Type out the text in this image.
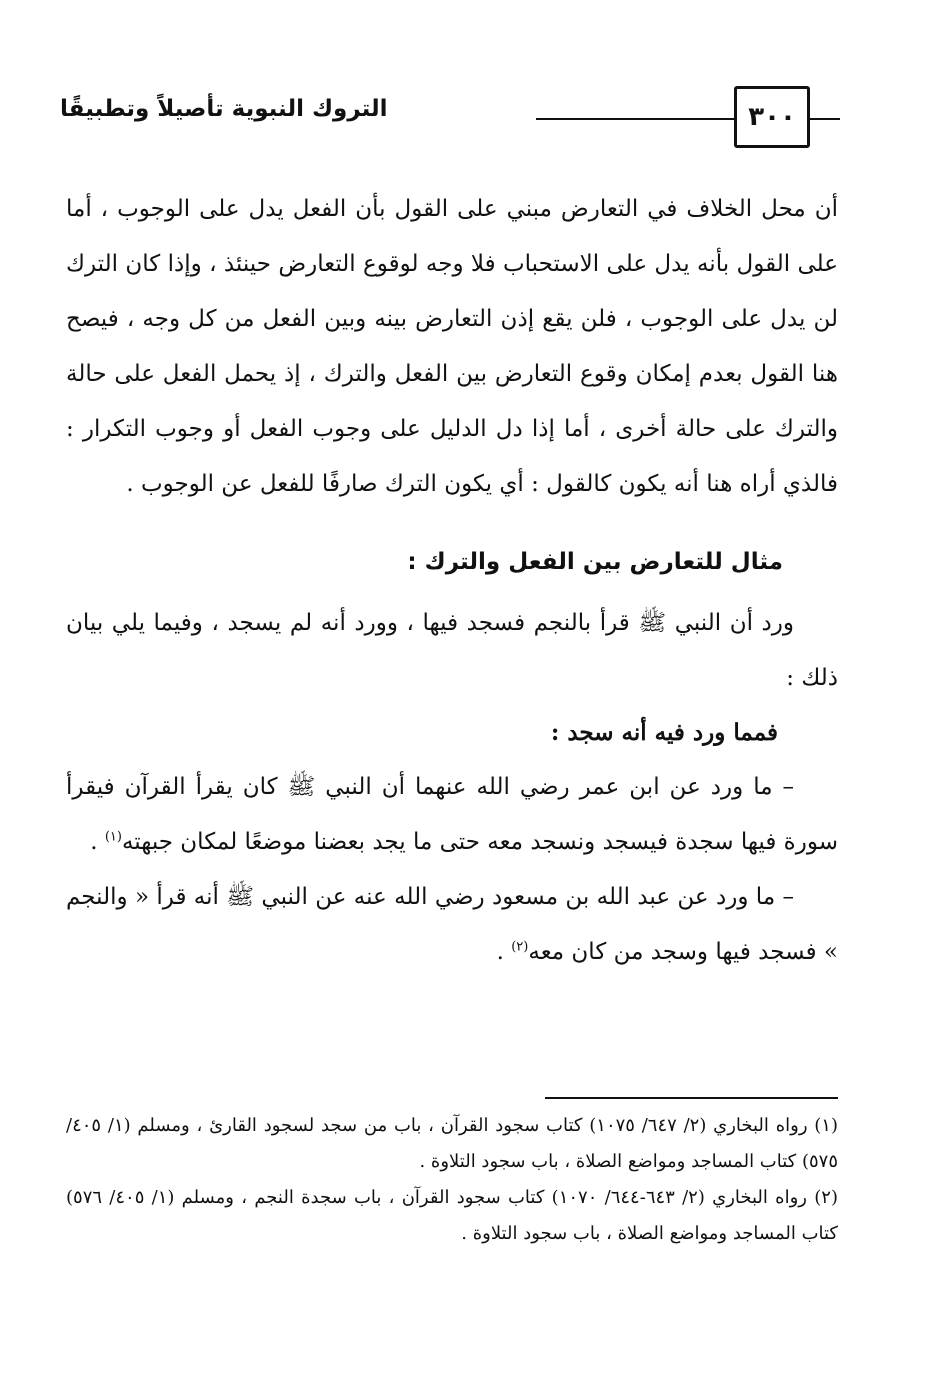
٣٠٠
التروك النبوية تأصيلاً وتطبيقًا

أن محل الخلاف في التعارض مبني على القول بأن الفعل يدل على الوجوب ، أما على القول بأنه يدل على الاستحباب فلا وجه لوقوع التعارض حينئذ ، وإذا كان الترك لن يدل على الوجوب ، فلن يقع إذن التعارض بينه وبين الفعل من كل وجه ، فيصح هنا القول بعدم إمكان وقوع التعارض بين الفعل والترك ، إذ يحمل الفعل على حالة والترك على حالة أخرى ، أما إذا دل الدليل على وجوب الفعل أو وجوب التكرار : فالذي أراه هنا أنه يكون كالقول : أي يكون الترك صارفًا للفعل عن الوجوب .

مثال للتعارض بين الفعل والترك :

ورد أن النبي ﷺ قرأ بالنجم فسجد فيها ، وورد أنه لم يسجد ، وفيما يلي بيان ذلك :

فمما ورد فيه أنه سجد :

– ما ورد عن ابن عمر رضي الله عنهما أن النبي ﷺ كان يقرأ القرآن فيقرأ سورة فيها سجدة فيسجد ونسجد معه حتى ما يجد بعضنا موضعًا لمكان جبهته$^{(١)}$ .

– ما ورد عن عبد الله بن مسعود رضي الله عنه عن النبي ﷺ أنه قرأ « والنجم » فسجد فيها وسجد من كان معه$^{(٢)}$ .

(١) رواه البخاري (٢/ ٦٤٧/ ١٠٧٥) كتاب سجود القرآن ، باب من سجد لسجود القارئ ، ومسلم (١/ ٤٠٥/ ٥٧٥) كتاب المساجد ومواضع الصلاة ، باب سجود التلاوة .

(٢) رواه البخاري (٢/ ٦٤٣-٦٤٤/ ١٠٧٠) كتاب سجود القرآن ، باب سجدة النجم ، ومسلم (١/ ٤٠٥/ ٥٧٦) كتاب المساجد ومواضع الصلاة ، باب سجود التلاوة .
